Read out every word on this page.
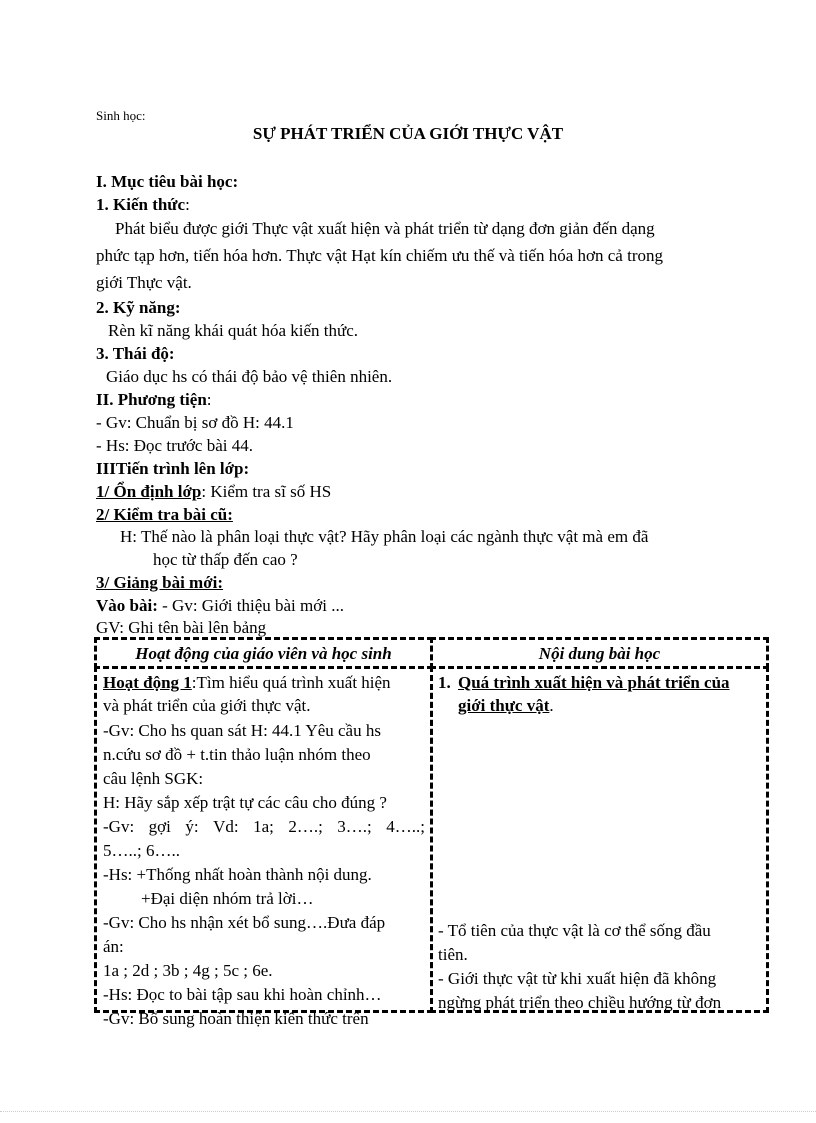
Sinh học:
SỰ PHÁT TRIỂN CỦA GIỚI THỰC VẬT
I. Mục tiêu bài học:
1. Kiến thức:
Phát biểu được giới Thực vật xuất hiện và phát triển từ dạng đơn giản đến dạng
phức tạp hơn, tiến hóa hơn. Thực vật Hạt kín chiếm ưu thế và tiến hóa hơn cả trong
giới Thực vật.
2. Kỹ năng:
Rèn kĩ năng khái quát hóa kiến thức.
3. Thái độ:
Giáo dục hs có thái độ bảo vệ thiên nhiên.
II. Phương tiện:
- Gv: Chuẩn bị sơ đồ H: 44.1
- Hs: Đọc trước bài 44.
IIITiến trình lên lớp:
1/ Ổn định lớp: Kiểm tra sĩ số HS
2/ Kiểm tra bài cũ:
H: Thế nào là phân loại thực vật? Hãy phân loại các ngành thực vật mà em đã
học từ thấp đến cao ?
3/ Giảng bài mới:
Vào bài: - Gv: Giới thiệu bài mới ...
GV: Ghi tên bài lên bảng
Hoạt động của giáo viên và học sinh	Nội dung bài học
Hoạt động 1:Tìm hiểu quá trình xuất hiện
và phát triển của giới thực vật.
-Gv: Cho hs quan sát H: 44.1 Yêu cầu hs
n.cứu sơ đồ + t.tin thảo luận nhóm theo
câu lệnh SGK:
H: Hãy sắp xếp trật tự các câu cho đúng ?
-Gv: gợi ý: Vd: 1a; 2….; 3….; 4…..;
5…..; 6…..
-Hs: +Thống nhất hoàn thành nội dung.
+Đại diện nhóm trả lời…
-Gv: Cho hs nhận xét bổ sung….Đưa đáp
án:
1a ; 2d ; 3b ; 4g ; 5c ; 6e.
-Hs: Đọc to bài tập sau khi hoàn chỉnh…
-Gv: Bổ sung hoàn thiện kiến thức trên
1. Quá trình xuất hiện và phát triển của
giới thực vật.
- Tổ tiên của thực vật là cơ thể sống đầu
tiên.
- Giới thực vật từ khi xuất hiện đã không
ngừng phát triển theo chiều hướng từ đơn
